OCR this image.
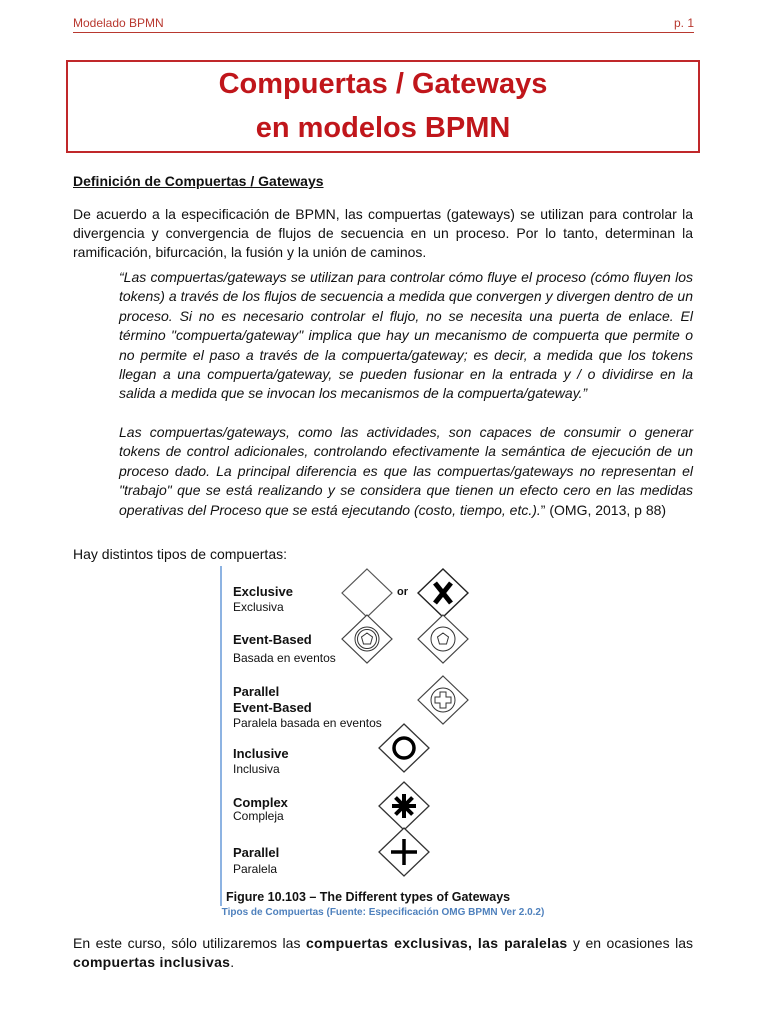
Modelado BPMN	p. 1
Compuertas / Gateways
en modelos BPMN
Definición de Compuertas / Gateways
De acuerdo a la especificación de BPMN, las compuertas (gateways) se utilizan para controlar la divergencia y convergencia de flujos de secuencia en un proceso. Por lo tanto, determinan la ramificación, bifurcación, la fusión y la unión de caminos.
“Las compuertas/gateways se utilizan para controlar cómo fluye el proceso (cómo fluyen los tokens) a través de los flujos de secuencia a medida que convergen y divergen dentro de un proceso. Si no es necesario controlar el flujo, no se necesita una puerta de enlace. El término "compuerta/gateway" implica que hay un mecanismo de compuerta que permite o no permite el paso a través de la compuerta/gateway; es decir, a medida que los tokens llegan a una compuerta/gateway, se pueden fusionar en la entrada y / o dividirse en la salida a medida que se invocan los mecanismos de la compuerta/gateway.”
Las compuertas/gateways, como las actividades, son capaces de consumir o generar tokens de control adicionales, controlando efectivamente la semántica de ejecución de un proceso dado. La principal diferencia es que las compuertas/gateways no representan el "trabajo" que se está realizando y se considera que tienen un efecto cero en las medidas operativas del Proceso que se está ejecutando (costo, tiempo, etc.).” (OMG, 2013, p 88)
Hay distintos tipos de compuertas:
Exclusive
Exclusiva
Event-Based
Basada en eventos
Parallel
Event-Based
Paralela basada en eventos
Inclusive
Inclusiva
Complex
Compleja
Parallel
Paralela
or
Figure 10.103 – The Different types of Gateways
Tipos de Compuertas (Fuente: Especificación OMG BPMN Ver 2.0.2)
En este curso, sólo utilizaremos las compuertas exclusivas, las paralelas y en ocasiones las compuertas inclusivas.
